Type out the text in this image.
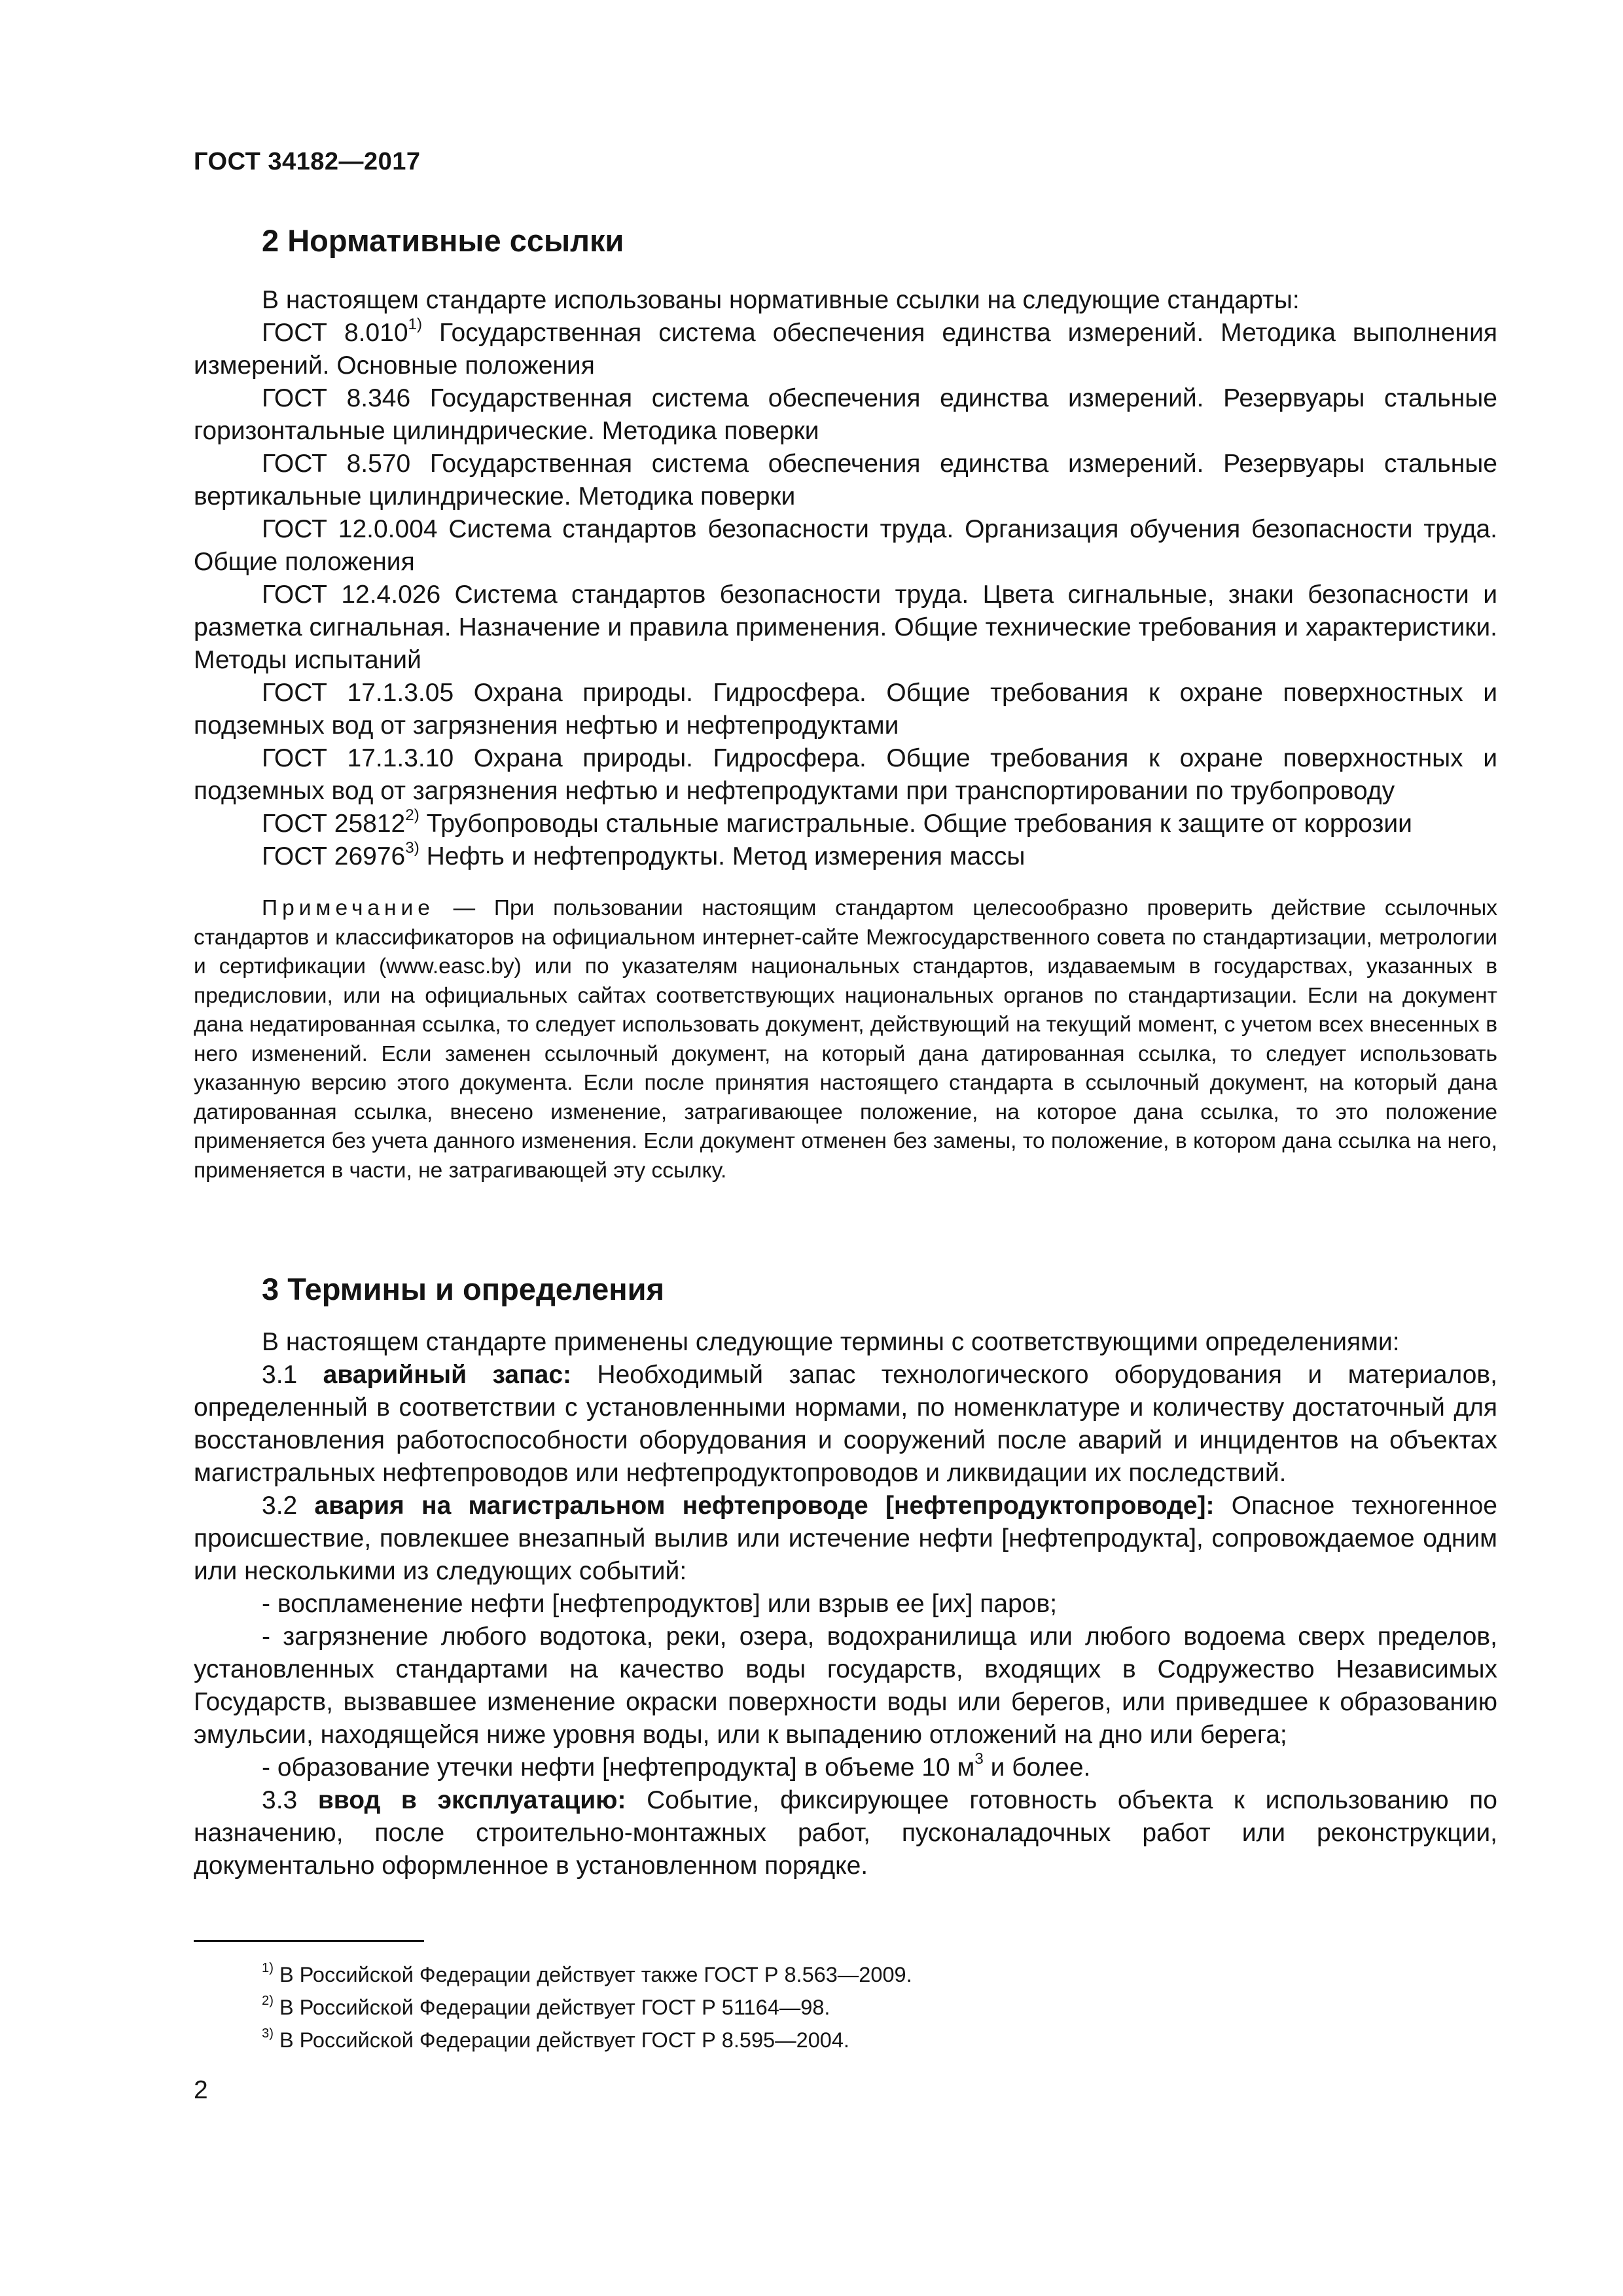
ГОСТ 34182—2017
2 Нормативные ссылки

В настоящем стандарте использованы нормативные ссылки на следующие стандарты:

ГОСТ 8.010$^{1)}$ Государственная система обеспечения единства измерений. Методика выполнения измерений. Основные положения

ГОСТ 8.346 Государственная система обеспечения единства измерений. Резервуары стальные горизонтальные цилиндрические. Методика поверки

ГОСТ 8.570 Государственная система обеспечения единства измерений. Резервуары стальные вертикальные цилиндрические. Методика поверки

ГОСТ 12.0.004 Система стандартов безопасности труда. Организация обучения безопасности труда. Общие положения

ГОСТ 12.4.026 Система стандартов безопасности труда. Цвета сигнальные, знаки безопасности и разметка сигнальная. Назначение и правила применения. Общие технические требования и характеристики. Методы испытаний

ГОСТ 17.1.3.05 Охрана природы. Гидросфера. Общие требования к охране поверхностных и подземных вод от загрязнения нефтью и нефтепродуктами

ГОСТ 17.1.3.10 Охрана природы. Гидросфера. Общие требования к охране поверхностных и подземных вод от загрязнения нефтью и нефтепродуктами при транспортировании по трубопроводу

ГОСТ 25812$^{2)}$ Трубопроводы стальные магистральные. Общие требования к защите от коррозии

ГОСТ 26976$^{3)}$ Нефть и нефтепродукты. Метод измерения массы

Примечание — При пользовании настоящим стандартом целесообразно проверить действие ссылочных стандартов и классификаторов на официальном интернет-сайте Межгосударственного совета по стандартизации, метрологии и сертификации (www.easc.by) или по указателям национальных стандартов, издаваемым в государствах, указанных в предисловии, или на официальных сайтах соответствующих национальных органов по стандартизации. Если на документ дана недатированная ссылка, то следует использовать документ, действующий на текущий момент, с учетом всех внесенных в него изменений. Если заменен ссылочный документ, на который дана датированная ссылка, то следует использовать указанную версию этого документа. Если после принятия настоящего стандарта в ссылочный документ, на который дана датированная ссылка, внесено изменение, затрагивающее положение, на которое дана ссылка, то это положение применяется без учета данного изменения. Если документ отменен без замены, то положение, в котором дана ссылка на него, применяется в части, не затрагивающей эту ссылку.

3 Термины и определения

В настоящем стандарте применены следующие термины с соответствующими определениями:

3.1 аварийный запас: Необходимый запас технологического оборудования и материалов, определенный в соответствии с установленными нормами, по номенклатуре и количеству достаточный для восстановления работоспособности оборудования и сооружений после аварий и инцидентов на объектах магистральных нефтепроводов или нефтепродуктопроводов и ликвидации их последствий.

3.2 авария на магистральном нефтепроводе [нефтепродуктопроводе]: Опасное техногенное происшествие, повлекшее внезапный вылив или истечение нефти [нефтепродукта], сопровождаемое одним или несколькими из следующих событий:

- воспламенение нефти [нефтепродуктов] или взрыв ее [их] паров;

- загрязнение любого водотока, реки, озера, водохранилища или любого водоема сверх пределов, установленных стандартами на качество воды государств, входящих в Содружество Независимых Государств, вызвавшее изменение окраски поверхности воды или берегов, или приведшее к образованию эмульсии, находящейся ниже уровня воды, или к выпадению отложений на дно или берега;

- образование утечки нефти [нефтепродукта] в объеме 10 $м^3$ и более.

3.3 ввод в эксплуатацию: Событие, фиксирующее готовность объекта к использованию по назначению, после строительно-монтажных работ, пусконаладочных работ или реконструкции, документально оформленное в установленном порядке.

$^{1)}$ В Российской Федерации действует также ГОСТ Р 8.563—2009.

$^{2)}$ В Российской Федерации действует ГОСТ Р 51164—98.

$^{3)}$ В Российской Федерации действует ГОСТ Р 8.595—2004.

2
